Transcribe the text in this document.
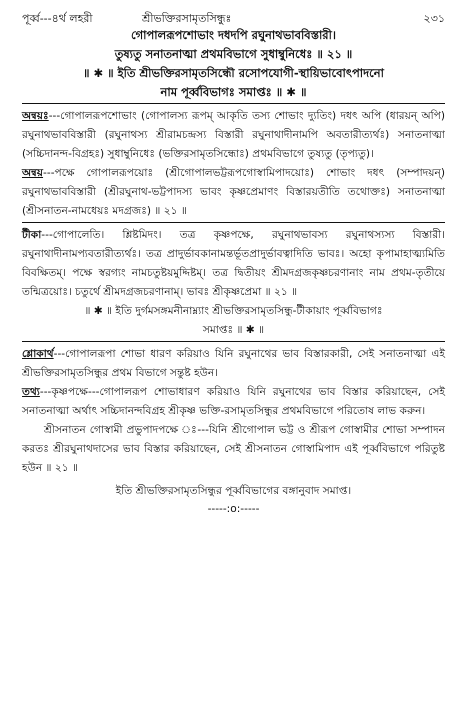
পূর্ব্ব---৪র্থ লহরী	শ্রীভক্তিরসামৃতসিন্ধুঃ	২৩১
গোপালরূপশোভাং দধদপি রঘুনাথভাববিস্তারী।
তুষ্যতু সনাতনাত্মা প্রথমবিভাগে সুধাম্বুনিধেঃ ॥ ২১ ॥
॥ ✱ ॥ ইতি শ্রীভক্তিরসামৃতসিন্ধৌ রসোপযোগী-স্থায়িভাবোৎপাদনো
নাম পূর্ব্ববিভাগঃ সমাপ্তঃ ॥ ✱ ॥

অন্বয়ঃ---গোপালরূপশোভাং (গোপালস্য রূপম্ আকৃতি তস্য শোভাং দ্যুতিং) দধৎ অপি (ধারয়ন্ অপি) রঘুনাথভাববিস্তারী (রঘুনাথস্য শ্রীরামচন্দ্রস্য বিস্তারী রঘুনাথাদীনামপি অবতারীত্যর্থঃ) সনাতনাত্মা (সচ্চিদানন্দ-বিগ্রহঃ) সুধাম্বুনিধেঃ (ভক্তিরসামৃতসিন্ধোঃ) প্রথমবিভাগে তুষ্যতু (তৃপ্যতু)।

অন্বয়---পক্ষে গোপালরূপয়োঃ (শ্রীগোপালভট্টরূপগোস্বামিপাদয়োঃ) শোভাং দধৎ (সম্পাদয়ন্) রঘুনাথভাববিস্তারী (শ্রীরঘুনাথ-ভট্টপাদস্য ভাবং কৃষ্ণপ্রেমাণং বিস্তারয়তীতি তথোক্তঃ) সনাতনাত্মা (শ্রীসনাতন-নামধেয়ঃ মদগ্রজঃ) ॥ ২১ ॥

টীকা---গোপালেতি। শ্লিষ্টমিদং। তত্র কৃষ্ণপক্ষে, রঘুনাথভাবস্য রঘুনাথস্যস্য বিস্তারী। রঘুনাথাদীনামপ্যবতারীত্যর্থঃ। তত্র প্রাদুর্ভাবকানামন্তর্ভূতপ্রাদুর্ভাবত্বাদিতি ভাবঃ। অহো কৃপামাহাত্ম্যমিতি বিবক্ষিতম্। পক্ষে স্বরগ্যং নামচতুষ্টয়মুদ্দিষ্টম্। তত্র দ্বিতীয়ং শ্রীমদগ্রজকৃষ্ণচরণানাং নাম প্রথম-তৃতীয়ে তন্মিত্রয়োঃ। চতুর্থে শ্রীমদগ্রজচরণানাম্। ভাবঃ শ্রীকৃষ্ণপ্রেমা ॥ ২১ ॥

॥ ✱ ॥ ইতি দুর্গমসঙ্গমনীনাম্ন্যাং শ্রীভক্তিরসামৃতসিন্ধু-টীকায়াং পূর্ব্ববিভাগঃ

সমাপ্তঃ ॥ ✱ ॥

শ্লোকার্থ---গোপালরূপা শোভা ধারণ করিয়াও যিনি রঘুনাথের ভাব বিস্তারকারী, সেই সনাতনাত্মা এই শ্রীভক্তিরসামৃতসিন্ধুর প্রথম বিভাগে সন্তুষ্ট হউন।

তথ্য---কৃষ্ণপক্ষে---গোপালরূপ শোভাধারণ করিয়াও যিনি রঘুনাথের ভাব বিস্তার করিয়াছেন, সেই সনাতনাত্মা অর্থাৎ সচ্চিদানন্দবিগ্রহ শ্রীকৃষ্ণ ভক্তি-রসামৃতসিন্ধুর প্রথমবিভাগে পরিতোষ লাভ করুন।

শ্রীসনাতন গোস্বামী প্রভুপাদপক্ষে ঃ---যিনি শ্রীগোপাল ভট্ট ও শ্রীরূপ গোস্বামীর শোভা সম্পাদন করতঃ শ্রীরঘুনাথদাসের ভাব বিস্তার করিয়াছেন, সেই শ্রীসনাতন গোস্বামিপাদ এই পূর্ব্ববিভাগে পরিতুষ্ট হউন ॥ ২১ ॥

ইতি শ্রীভক্তিরসামৃতসিন্ধুর পূর্ব্ববিভাগের বঙ্গানুবাদ সমাপ্ত।
-----:o:-----
